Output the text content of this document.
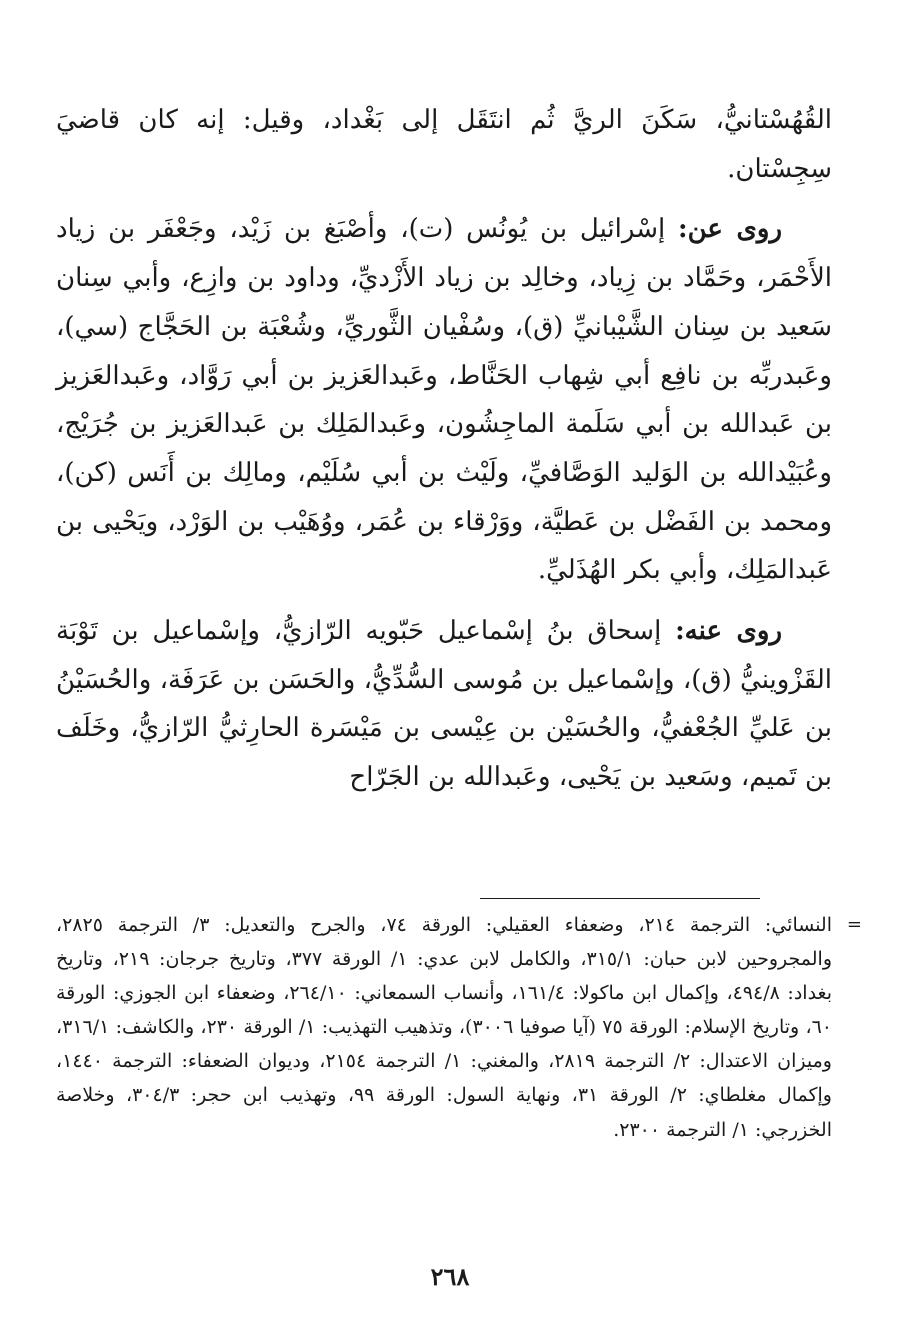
القُهُسْتانيُّ، سَكَنَ الريَّ ثُم انتَقَل إلى بَغْداد، وقيل: إنه كان قاضيَ سِجِسْتان.

روى عن: إسْرائيل بن يُونُس (ت)، وأصْبَغ بن زَيْد، وجَعْفَر بن زياد الأَحْمَر، وحَمَّاد بن زِياد، وخالِد بن زياد الأَزْديِّ، وداود بن وازِع، وأبي سِنان سَعيد بن سِنان الشَّيْبانيِّ (ق)، وسُفْيان الثَّوريِّ، وشُعْبَة بن الحَجَّاج (سي)، وعَبدربِّه بن نافِع أبي شِهاب الحَنَّاط، وعَبدالعَزيز بن أبي رَوَّاد، وعَبدالعَزيز بن عَبدالله بن أبي سَلَمة الماجِشُون، وعَبدالمَلِك بن عَبدالعَزيز بن جُرَيْج، وعُبَيْدالله بن الوَليد الوَصَّافيِّ، ولَيْث بن أبي سُلَيْم، ومالِك بن أَنَس (كن)، ومحمد بن الفَضْل بن عَطيَّة، ووَرْقاء بن عُمَر، ووُهَيْب بن الوَرْد، ويَحْيى بن عَبدالمَلِك، وأبي بكر الهُذَليِّ.

روى عنه: إسحاق بنُ إسْماعيل حَبّويه الرّازيُّ، وإسْماعيل بن تَوْبَة القَزْوينيُّ (ق)، وإسْماعيل بن مُوسى السُّدِّيُّ، والحَسَن بن عَرَفَة، والحُسَيْنُ بن عَليِّ الجُعْفيُّ، والحُسَيْن بن عِيْسى بن مَيْسَرة الحارِثيُّ الرّازيُّ، وخَلَف بن تَميم، وسَعيد بن يَحْيى، وعَبدالله بن الجَرّاح

=
النسائي: الترجمة ٢١٤، وضعفاء العقيلي: الورقة ٧٤، والجرح والتعديل: ٣/ الترجمة ٢٨٢٥، والمجروحين لابن حبان: ٣١٥/١، والكامل لابن عدي: ١/ الورقة ٣٧٧، وتاريخ جرجان: ٢١٩، وتاريخ بغداد: ٤٩٤/٨، وإكمال ابن ماكولا: ١٦١/٤، وأنساب السمعاني: ٢٦٤/١٠، وضعفاء ابن الجوزي: الورقة ٦٠، وتاريخ الإسلام: الورقة ٧٥ (آيا صوفيا ٣٠٠٦)، وتذهيب التهذيب: ١/ الورقة ٢٣٠، والكاشف: ٣١٦/١، وميزان الاعتدال: ٢/ الترجمة ٢٨١٩، والمغني: ١/ الترجمة ٢١٥٤، وديوان الضعفاء: الترجمة ١٤٤٠، وإكمال مغلطاي: ٢/ الورقة ٣١، ونهاية السول: الورقة ٩٩، وتهذيب ابن حجر: ٣٠٤/٣، وخلاصة الخزرجي: ١/ الترجمة ٢٣٠٠.
٢٦٨
